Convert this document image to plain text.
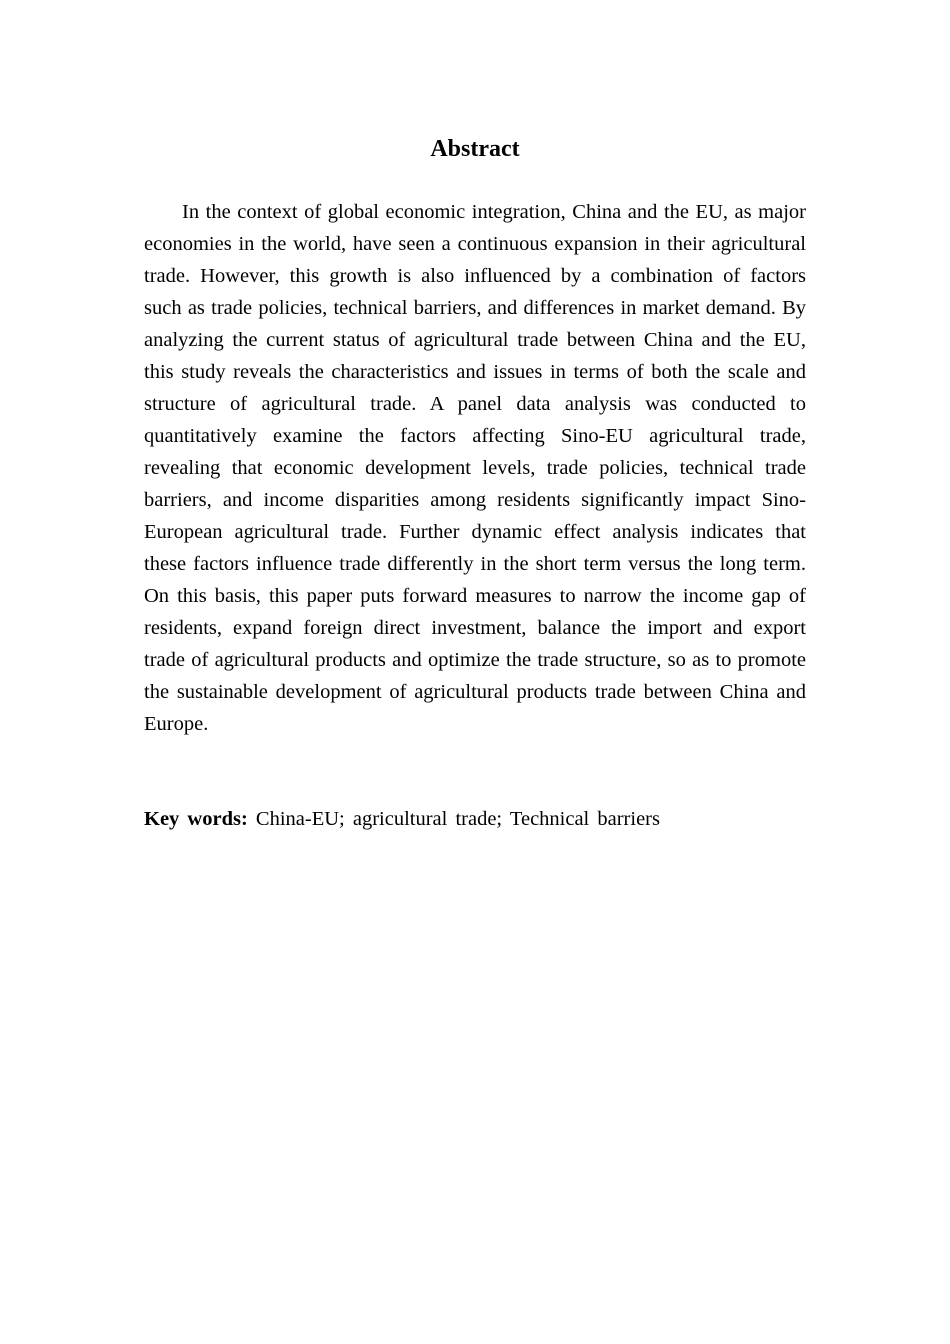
Abstract

In the context of global economic integration, China and the EU, as major economies in the world, have seen a continuous expansion in their agricultural trade. However, this growth is also influenced by a combination of factors such as trade policies, technical barriers, and differences in market demand. By analyzing the current status of agricultural trade between China and the EU, this study reveals the characteristics and issues in terms of both the scale and structure of agricultural trade. A panel data analysis was conducted to quantitatively examine the factors affecting Sino-EU agricultural trade, revealing that economic development levels, trade policies, technical trade barriers, and income disparities among residents significantly impact Sino-European agricultural trade. Further dynamic effect analysis indicates that these factors influence trade differently in the short term versus the long term. On this basis, this paper puts forward measures to narrow the income gap of residents, expand foreign direct investment, balance the import and export trade of agricultural products and optimize the trade structure, so as to promote the sustainable development of agricultural products trade between China and Europe.

Key words: China-EU; agricultural trade; Technical barriers
